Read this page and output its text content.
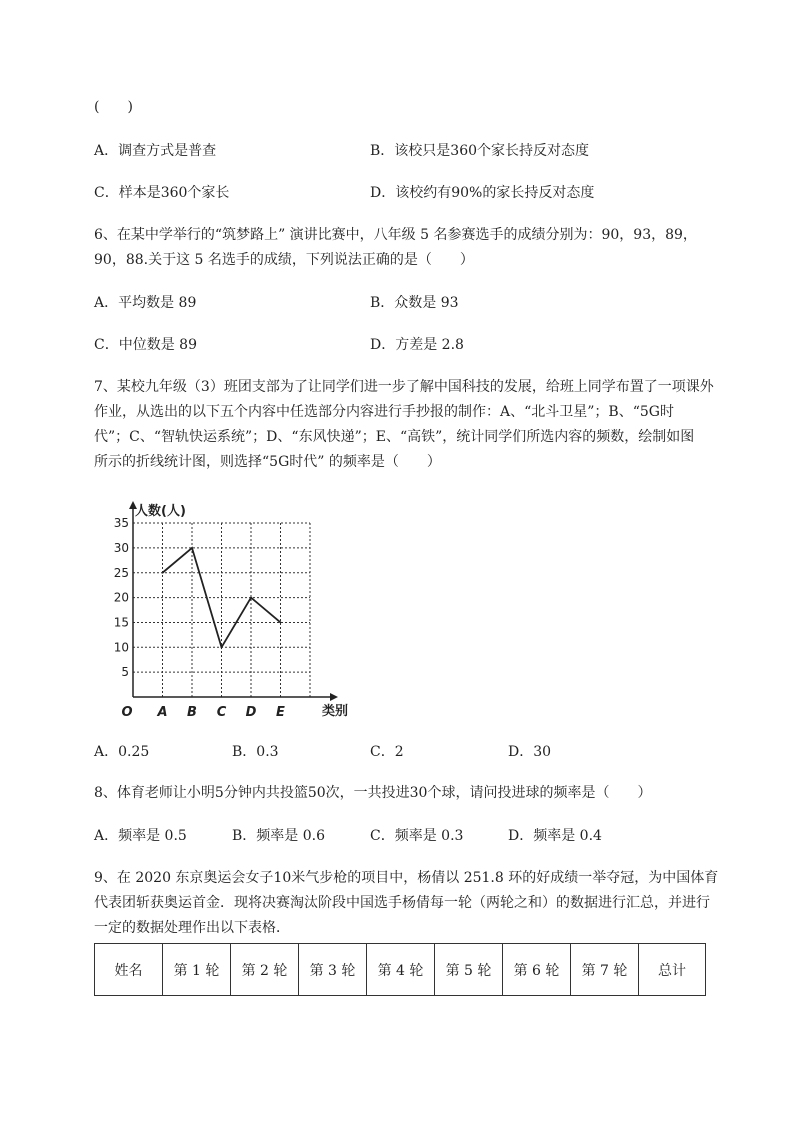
(　　)
A．调查方式是普查	B．该校只是360个家长持反对态度
C．样本是360个家长	D．该校约有90%的家长持反对态度
6、在某中学举行的“筑梦路上” 演讲比赛中，八年级 5 名参赛选手的成绩分别为：90，93，89，
90，88.关于这 5 名选手的成绩，下列说法正确的是（　　）
A．平均数是 89	B．众数是 93
C．中位数是 89	D．方差是 2.8
7、某校九年级（3）班团支部为了让同学们进一步了解中国科技的发展，给班上同学布置了一项课外
作业，从选出的以下五个内容中任选部分内容进行手抄报的制作：A、“北斗卫星”；B、“5G时
代”；C、“智轨快运系统”；D、“东风快递”；E、“高铁”，统计同学们所选内容的频数，绘制如图
所示的折线统计图，则选择“5G时代” 的频率是（　　）
5
10
15
20
25
30
35
A B C D E
O
人数(人)
类别
A．0.25	B．0.3	C．2	D．30
8、体育老师让小明5分钟内共投篮50次，一共投进30个球，请问投进球的频率是（　　）
A．频率是 0.5	B．频率是 0.6	C．频率是 0.3	D．频率是 0.4
9、在 2020 东京奥运会女子10米气步枪的项目中，杨倩以 251.8 环的好成绩一举夺冠，为中国体育
代表团斩获奥运首金．现将决赛淘汰阶段中国选手杨倩每一轮（两轮之和）的数据进行汇总，并进行
一定的数据处理作出以下表格．
姓名	第 1 轮	第 2 轮	第 3 轮	第 4 轮	第 5 轮	第 6 轮	第 7 轮	总计
